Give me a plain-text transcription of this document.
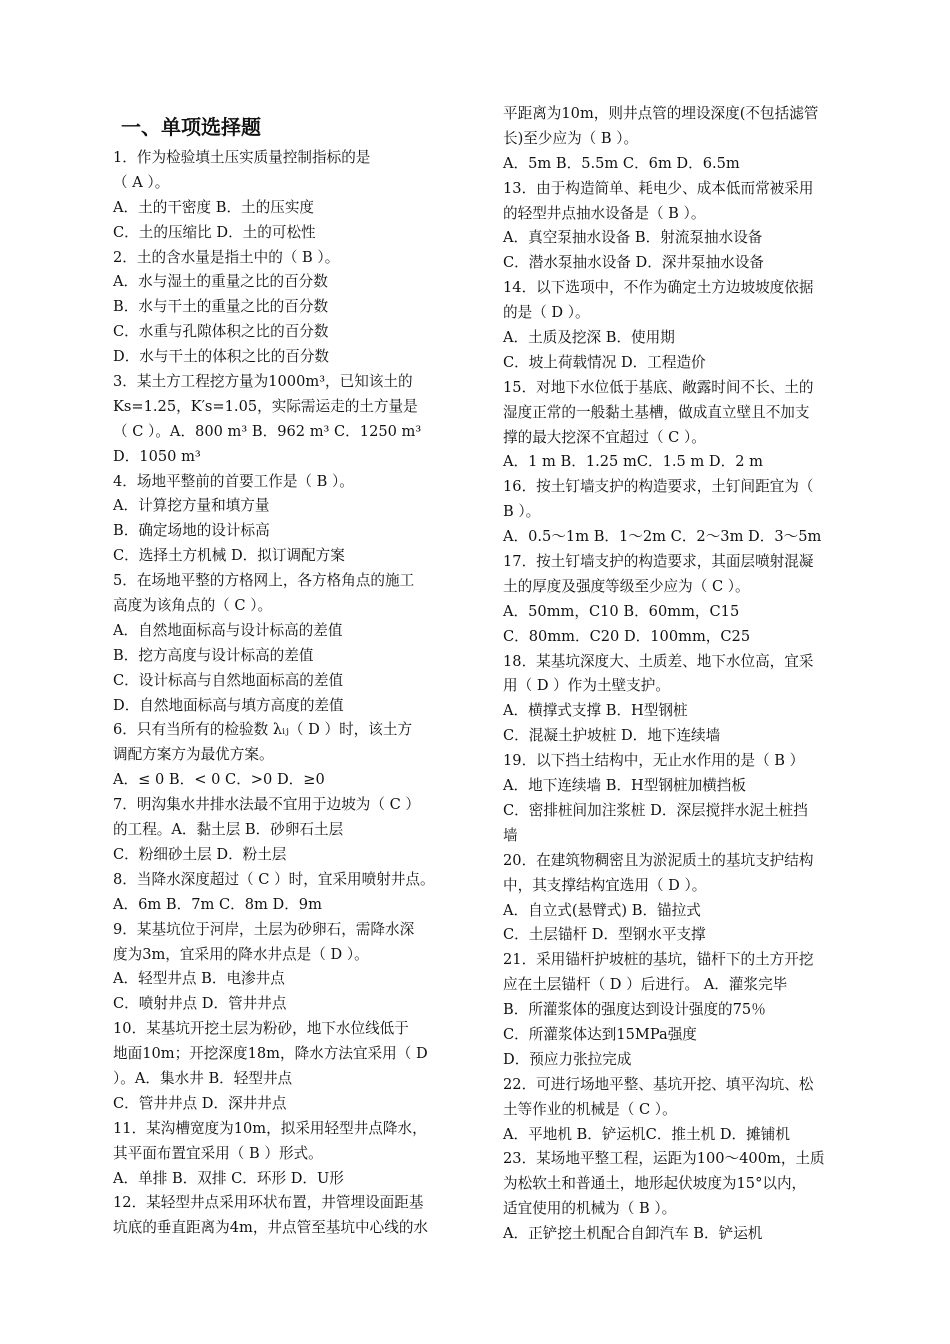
一、单项选择题
1．作为检验填土压实质量控制指标的是
（ A ）。
A．土的干密度 B．土的压实度
C．土的压缩比 D．土的可松性
2．土的含水量是指土中的（ B ）。
A．水与湿土的重量之比的百分数
B．水与干土的重量之比的百分数
C．水重与孔隙体积之比的百分数
D．水与干土的体积之比的百分数
3．某土方工程挖方量为1000m³，已知该土的
Ks=1.25，K′s=1.05，实际需运走的土方量是
（ C ）。A．800 m³ B．962 m³ C．1250 m³
D．1050 m³
4．场地平整前的首要工作是（ B ）。
A．计算挖方量和填方量
B．确定场地的设计标高
C．选择土方机械 D．拟订调配方案
5．在场地平整的方格网上，各方格角点的施工
高度为该角点的（ C ）。
A．自然地面标高与设计标高的差值
B．挖方高度与设计标高的差值
C．设计标高与自然地面标高的差值
D．自然地面标高与填方高度的差值
6．只有当所有的检验数 λᵢⱼ（ D ）时，该土方
调配方案方为最优方案。
A．≤ 0 B．< 0 C．>0 D．≥0
7．明沟集水井排水法最不宜用于边坡为（ C ）
的工程。A．黏土层 B．砂卵石土层
C．粉细砂土层 D．粉土层
8．当降水深度超过（ C ）时，宜采用喷射井点。
A．6m B．7m C．8m D．9m
9．某基坑位于河岸，土层为砂卵石，需降水深
度为3m，宜采用的降水井点是（ D ）。
A．轻型井点 B．电渗井点
C．喷射井点 D．管井井点
10．某基坑开挖土层为粉砂，地下水位线低于
地面10m；开挖深度18m，降水方法宜采用（ D
）。A．集水井 B．轻型井点
C．管井井点 D．深井井点
11．某沟槽宽度为10m，拟采用轻型井点降水，
其平面布置宜采用（ B ）形式。
A．单排 B．双排 C．环形 D．U形
12．某轻型井点采用环状布置，井管埋设面距基
坑底的垂直距离为4m，井点管至基坑中心线的水
平距离为10m，则井点管的埋设深度(不包括滤管
长)至少应为（ B ）。
A．5m B．5.5m C．6m D．6.5m
13．由于构造简单、耗电少、成本低而常被采用
的轻型井点抽水设备是（ B ）。
A．真空泵抽水设备 B．射流泵抽水设备
C．潜水泵抽水设备 D．深井泵抽水设备
14．以下选项中，不作为确定土方边坡坡度依据
的是（ D ）。
A．土质及挖深 B．使用期
C．坡上荷载情况 D．工程造价
15．对地下水位低于基底、敞露时间不长、土的
湿度正常的一般黏土基槽，做成直立壁且不加支
撑的最大挖深不宜超过（ C ）。
A．1 m B．1.25 mC．1.5 m D．2 m
16．按土钉墙支护的构造要求，土钉间距宜为（
B ）。
A．0.5～1m B．1～2m C．2～3m D．3～5m
17．按土钉墙支护的构造要求，其面层喷射混凝
土的厚度及强度等级至少应为（ C ）。
A．50mm，C10 B．60mm，C15
C．80mm．C20 D．100mm，C25
18．某基坑深度大、土质差、地下水位高，宜采
用（ D ）作为土壁支护。
A．横撑式支撑 B．H型钢桩
C．混凝土护坡桩 D．地下连续墙
19．以下挡土结构中，无止水作用的是（ B ）
A．地下连续墙 B．H型钢桩加横挡板
C．密排桩间加注浆桩 D．深层搅拌水泥土桩挡
墙
20．在建筑物稠密且为淤泥质土的基坑支护结构
中，其支撑结构宜选用（ D ）。
A．自立式(悬臂式) B．锚拉式
C．土层锚杆 D．型钢水平支撑
21．采用锚杆护坡桩的基坑，锚杆下的土方开挖
应在土层锚杆（ D ）后进行。 A．灌浆完毕
B．所灌浆体的强度达到设计强度的75％
C．所灌浆体达到15MPa强度
D．预应力张拉完成
22．可进行场地平整、基坑开挖、填平沟坑、松
土等作业的机械是（ C ）。
A．平地机 B．铲运机C．推土机 D．摊铺机
23．某场地平整工程，运距为100～400m，土质
为松软土和普通土，地形起伏坡度为15°以内，
适宜使用的机械为（ B ）。
A．正铲挖土机配合自卸汽车 B．铲运机
